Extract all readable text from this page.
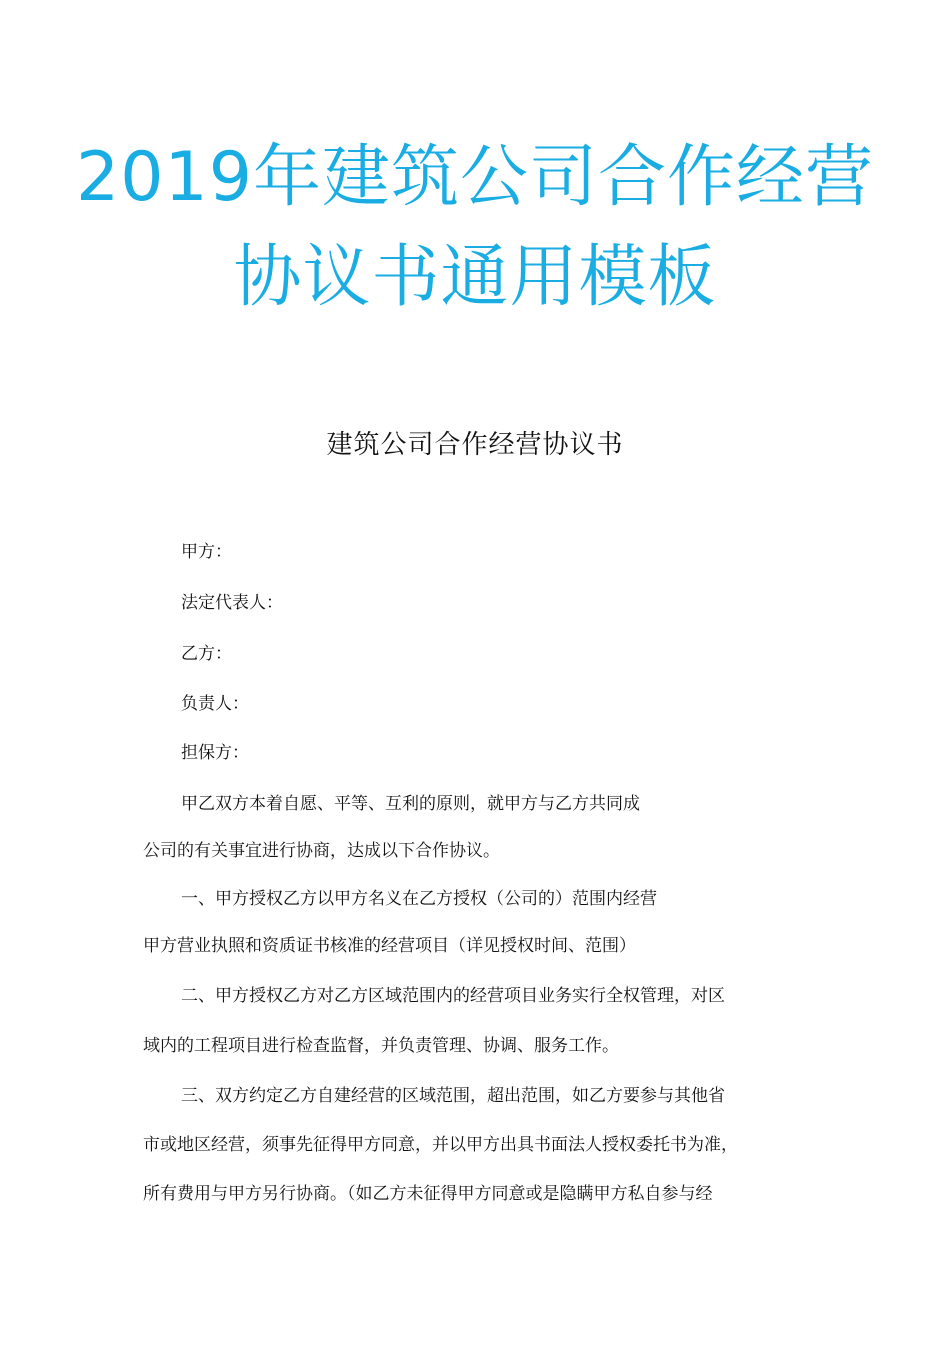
2019年建筑公司合作经营
协议书通用模板
建筑公司合作经营协议书

甲方：

法定代表人：

乙方：

负责人：

担保方：

甲乙双方本着自愿、平等、互利的原则，就甲方与乙方共同成

公司的有关事宜进行协商，达成以下合作协议。

一、甲方授权乙方以甲方名义在乙方授权（公司的）范围内经营

甲方营业执照和资质证书核准的经营项目（详见授权时间、范围）

二、甲方授权乙方对乙方区域范围内的经营项目业务实行全权管理，对区

域内的工程项目进行检查监督，并负责管理、协调、服务工作。

三、双方约定乙方自建经营的区域范围，超出范围，如乙方要参与其他省

市或地区经营，须事先征得甲方同意，并以甲方出具书面法人授权委托书为准，

所有费用与甲方另行协商。（如乙方未征得甲方同意或是隐瞒甲方私自参与经
